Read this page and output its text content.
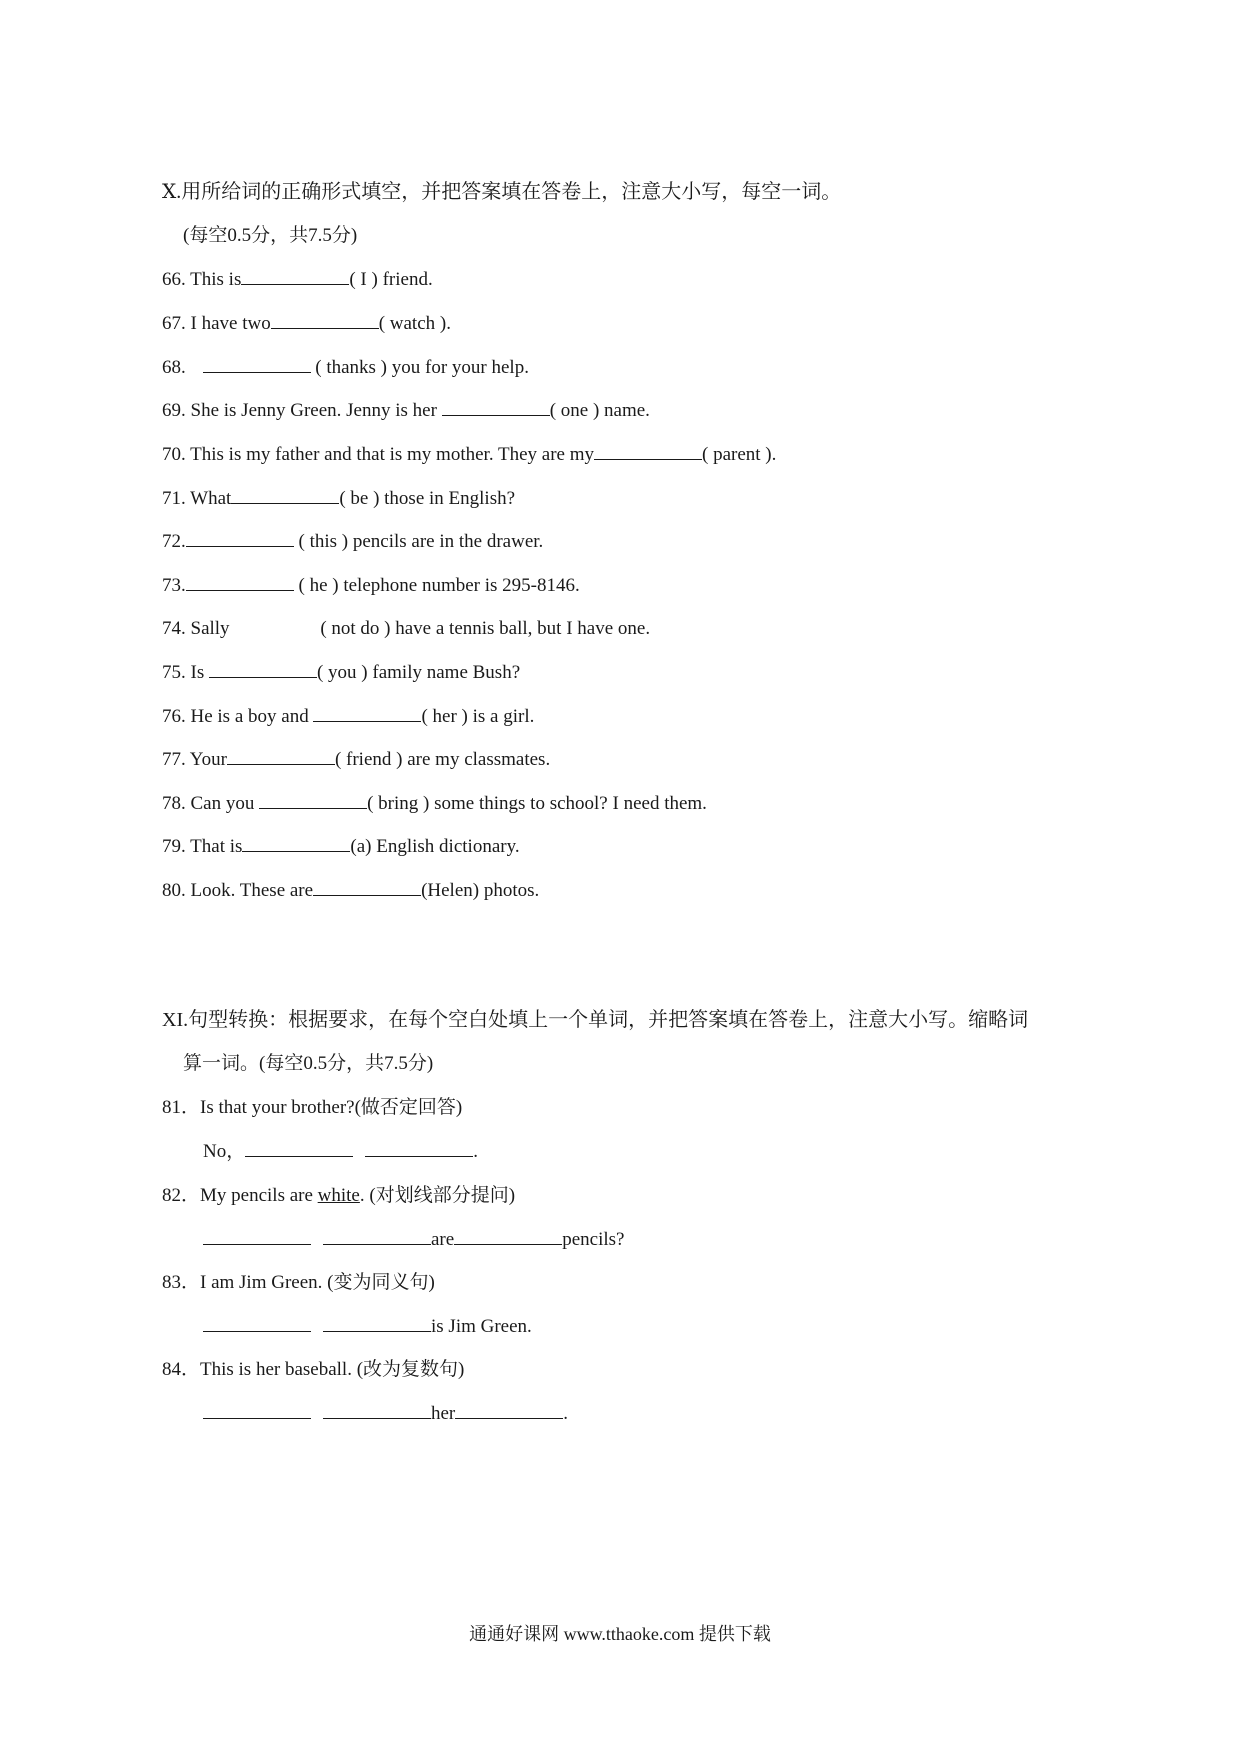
Ⅹ.用所给词的正确形式填空，并把答案填在答卷上，注意大小写，每空一词。
(每空0.5分，共7.5分)
66. This is	( I ) friend.
67. I have two	( watch ).
68.	( thanks ) you for your help.
69. She is Jenny Green. Jenny is her	( one ) name.
70. This is my father and that is my mother. They are my	( parent ).
71. What	( be ) those in English?
72.	( this ) pencils are in the drawer.
73.	( he ) telephone number is 295-8146.
74. Sally	( not do ) have a tennis ball, but I have one.
75. Is	( you ) family name Bush?
76. He is a boy and	( her ) is a girl.
77. Your	( friend ) are my classmates.
78. Can you	( bring ) some things to school? I need them.
79. That is	(a) English dictionary.
80. Look. These are	(Helen) photos.
XI.句型转换：根据要求，在每个空白处填上一个单词，并把答案填在答卷上，注意大小写。缩略词
算一词。(每空0.5分，共7.5分)
81．Is that your brother?(做否定回答)
No，	.
82．My pencils are white. (对划线部分提问)
are	pencils?
83．I am Jim Green. (变为同义句)
is Jim Green.
84．This is her baseball. (改为复数句)
her	.
通通好课网 www.tthaoke.com 提供下载
